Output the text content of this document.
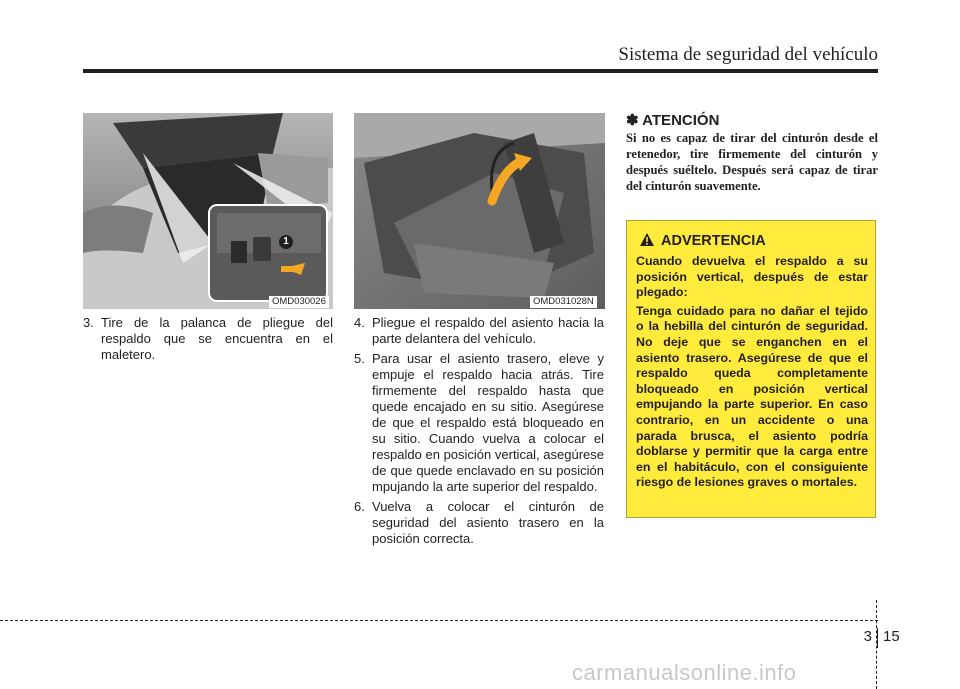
Sistema de seguridad del vehículo
1
OMD030026	OMD031028N
3. Tire de la palanca de pliegue del respaldo que se encuentra en el maletero.
4. Pliegue el respaldo del asiento hacia la parte delantera del vehículo.
5. Para usar el asiento trasero, eleve y empuje el respaldo hacia atrás. Tire firmemente del respaldo hasta que quede encajado en su sitio. Asegúrese de que el respaldo está bloqueado en su sitio. Cuando vuelva a colocar el respaldo en posición vertical, asegúrese de que quede enclavado en su posición mpujando la arte superior del respaldo.
6. Vuelva a colocar el cinturón de seguridad del asiento trasero en la posición correcta.
✽ ATENCIÓN
Si no es capaz de tirar del cinturón desde el retenedor, tire firmemente del cinturón y después suéltelo. Después será capaz de tirar del cinturón suavemente.
ADVERTENCIA

Cuando devuelva el respaldo a su posición vertical, después de estar plegado:

Tenga cuidado para no dañar el tejido o la hebilla del cinturón de seguridad. No deje que se enganchen en el asiento trasero. Asegúrese de que el respaldo queda completamente bloqueado en posición vertical empujando la parte superior. En caso contrario, en un accidente o una parada brusca, el asiento podría doblarse y permitir que la carga entre en el habitáculo, con el consiguiente riesgo de lesiones graves o mortales.

3 15
carmanualsonline.info
